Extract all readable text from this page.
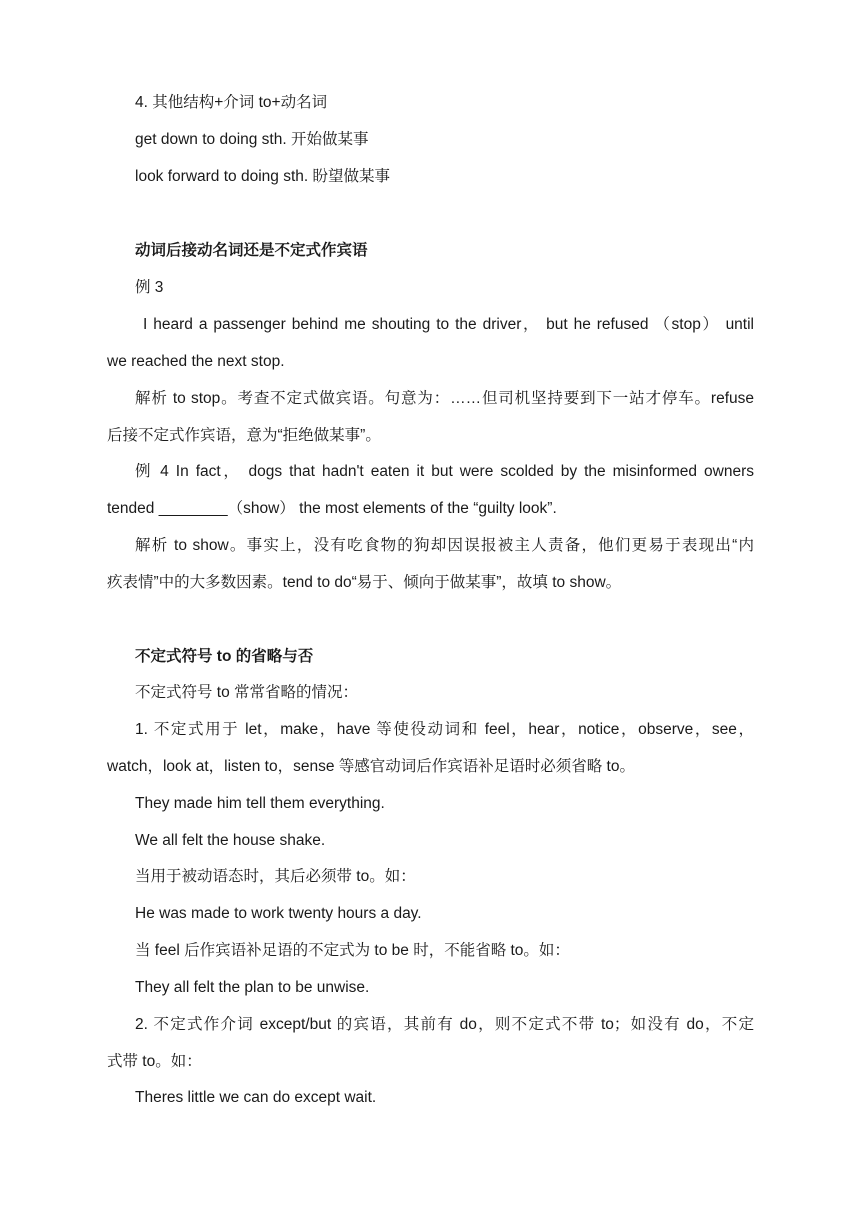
4. 其他结构+介词 to+动名词
get down to doing sth. 开始做某事
look forward to doing sth. 盼望做某事
动词后接动名词还是不定式作宾语
例 3
I heard a passenger behind me shouting to the driver， but he refused （stop） until
we reached the next stop.
解析 to stop。考查不定式做宾语。句意为：……但司机坚持要到下一站才停车。refuse
后接不定式作宾语，意为“拒绝做某事”。
例 4 In fact， dogs that hadn't eaten it but were scolded by the misinformed owners
tended ________（show） the most elements of the “guilty look”.
解析 to show。事实上，没有吃食物的狗却因误报被主人责备，他们更易于表现出“内
疚表情”中的大多数因素。tend to do“易于、倾向于做某事”，故填 to show。
不定式符号 to 的省略与否
不定式符号 to 常常省略的情况：
1. 不定式用于 let，make，have 等使役动词和 feel，hear，notice，observe，see，
watch，look at，listen to，sense 等感官动词后作宾语补足语时必须省略 to。
They made him tell them everything.
We all felt the house shake.
当用于被动语态时，其后必须带 to。如：
He was made to work twenty hours a day.
当 feel 后作宾语补足语的不定式为 to be 时，不能省略 to。如：
They all felt the plan to be unwise.
2. 不定式作介词 except/but 的宾语，其前有 do，则不定式不带 to；如没有 do，不定
式带 to。如：
Theres little we can do except wait.
